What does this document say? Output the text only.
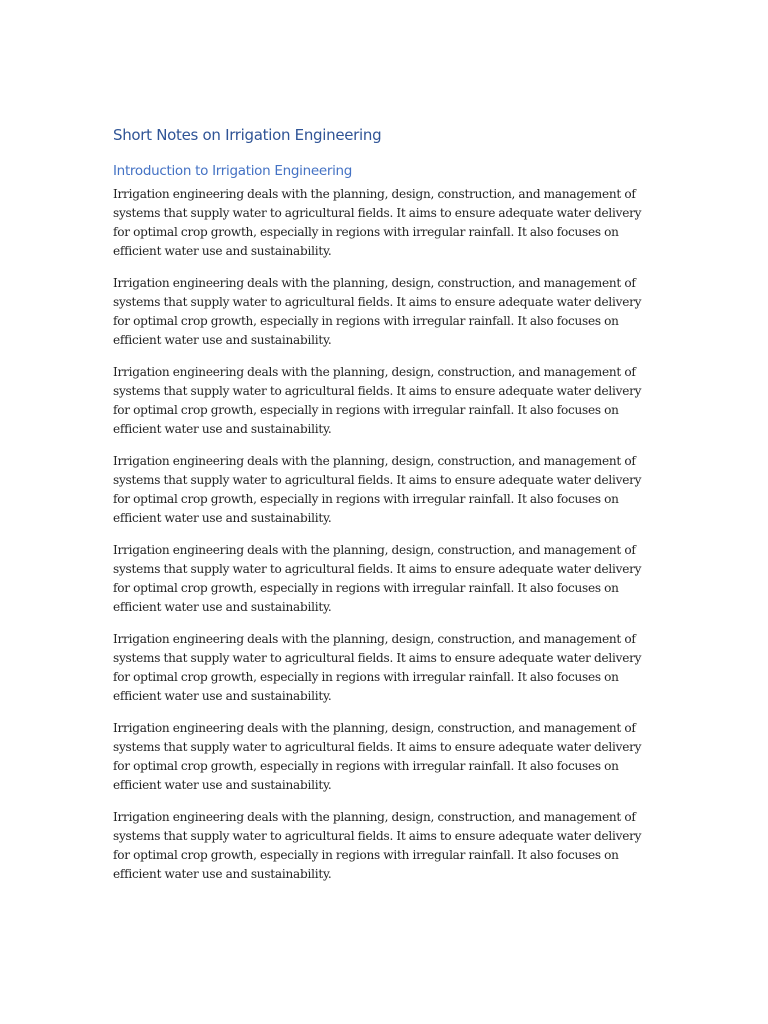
Short Notes on Irrigation Engineering
Introduction to Irrigation Engineering

Irrigation engineering deals with the planning, design, construction, and management of systems that supply water to agricultural fields. It aims to ensure adequate water delivery for optimal crop growth, especially in regions with irregular rainfall. It also focuses on efficient water use and sustainability.

Irrigation engineering deals with the planning, design, construction, and management of systems that supply water to agricultural fields. It aims to ensure adequate water delivery for optimal crop growth, especially in regions with irregular rainfall. It also focuses on efficient water use and sustainability.

Irrigation engineering deals with the planning, design, construction, and management of systems that supply water to agricultural fields. It aims to ensure adequate water delivery for optimal crop growth, especially in regions with irregular rainfall. It also focuses on efficient water use and sustainability.

Irrigation engineering deals with the planning, design, construction, and management of systems that supply water to agricultural fields. It aims to ensure adequate water delivery for optimal crop growth, especially in regions with irregular rainfall. It also focuses on efficient water use and sustainability.

Irrigation engineering deals with the planning, design, construction, and management of systems that supply water to agricultural fields. It aims to ensure adequate water delivery for optimal crop growth, especially in regions with irregular rainfall. It also focuses on efficient water use and sustainability.

Irrigation engineering deals with the planning, design, construction, and management of systems that supply water to agricultural fields. It aims to ensure adequate water delivery for optimal crop growth, especially in regions with irregular rainfall. It also focuses on efficient water use and sustainability.

Irrigation engineering deals with the planning, design, construction, and management of systems that supply water to agricultural fields. It aims to ensure adequate water delivery for optimal crop growth, especially in regions with irregular rainfall. It also focuses on efficient water use and sustainability.

Irrigation engineering deals with the planning, design, construction, and management of systems that supply water to agricultural fields. It aims to ensure adequate water delivery for optimal crop growth, especially in regions with irregular rainfall. It also focuses on efficient water use and sustainability.
